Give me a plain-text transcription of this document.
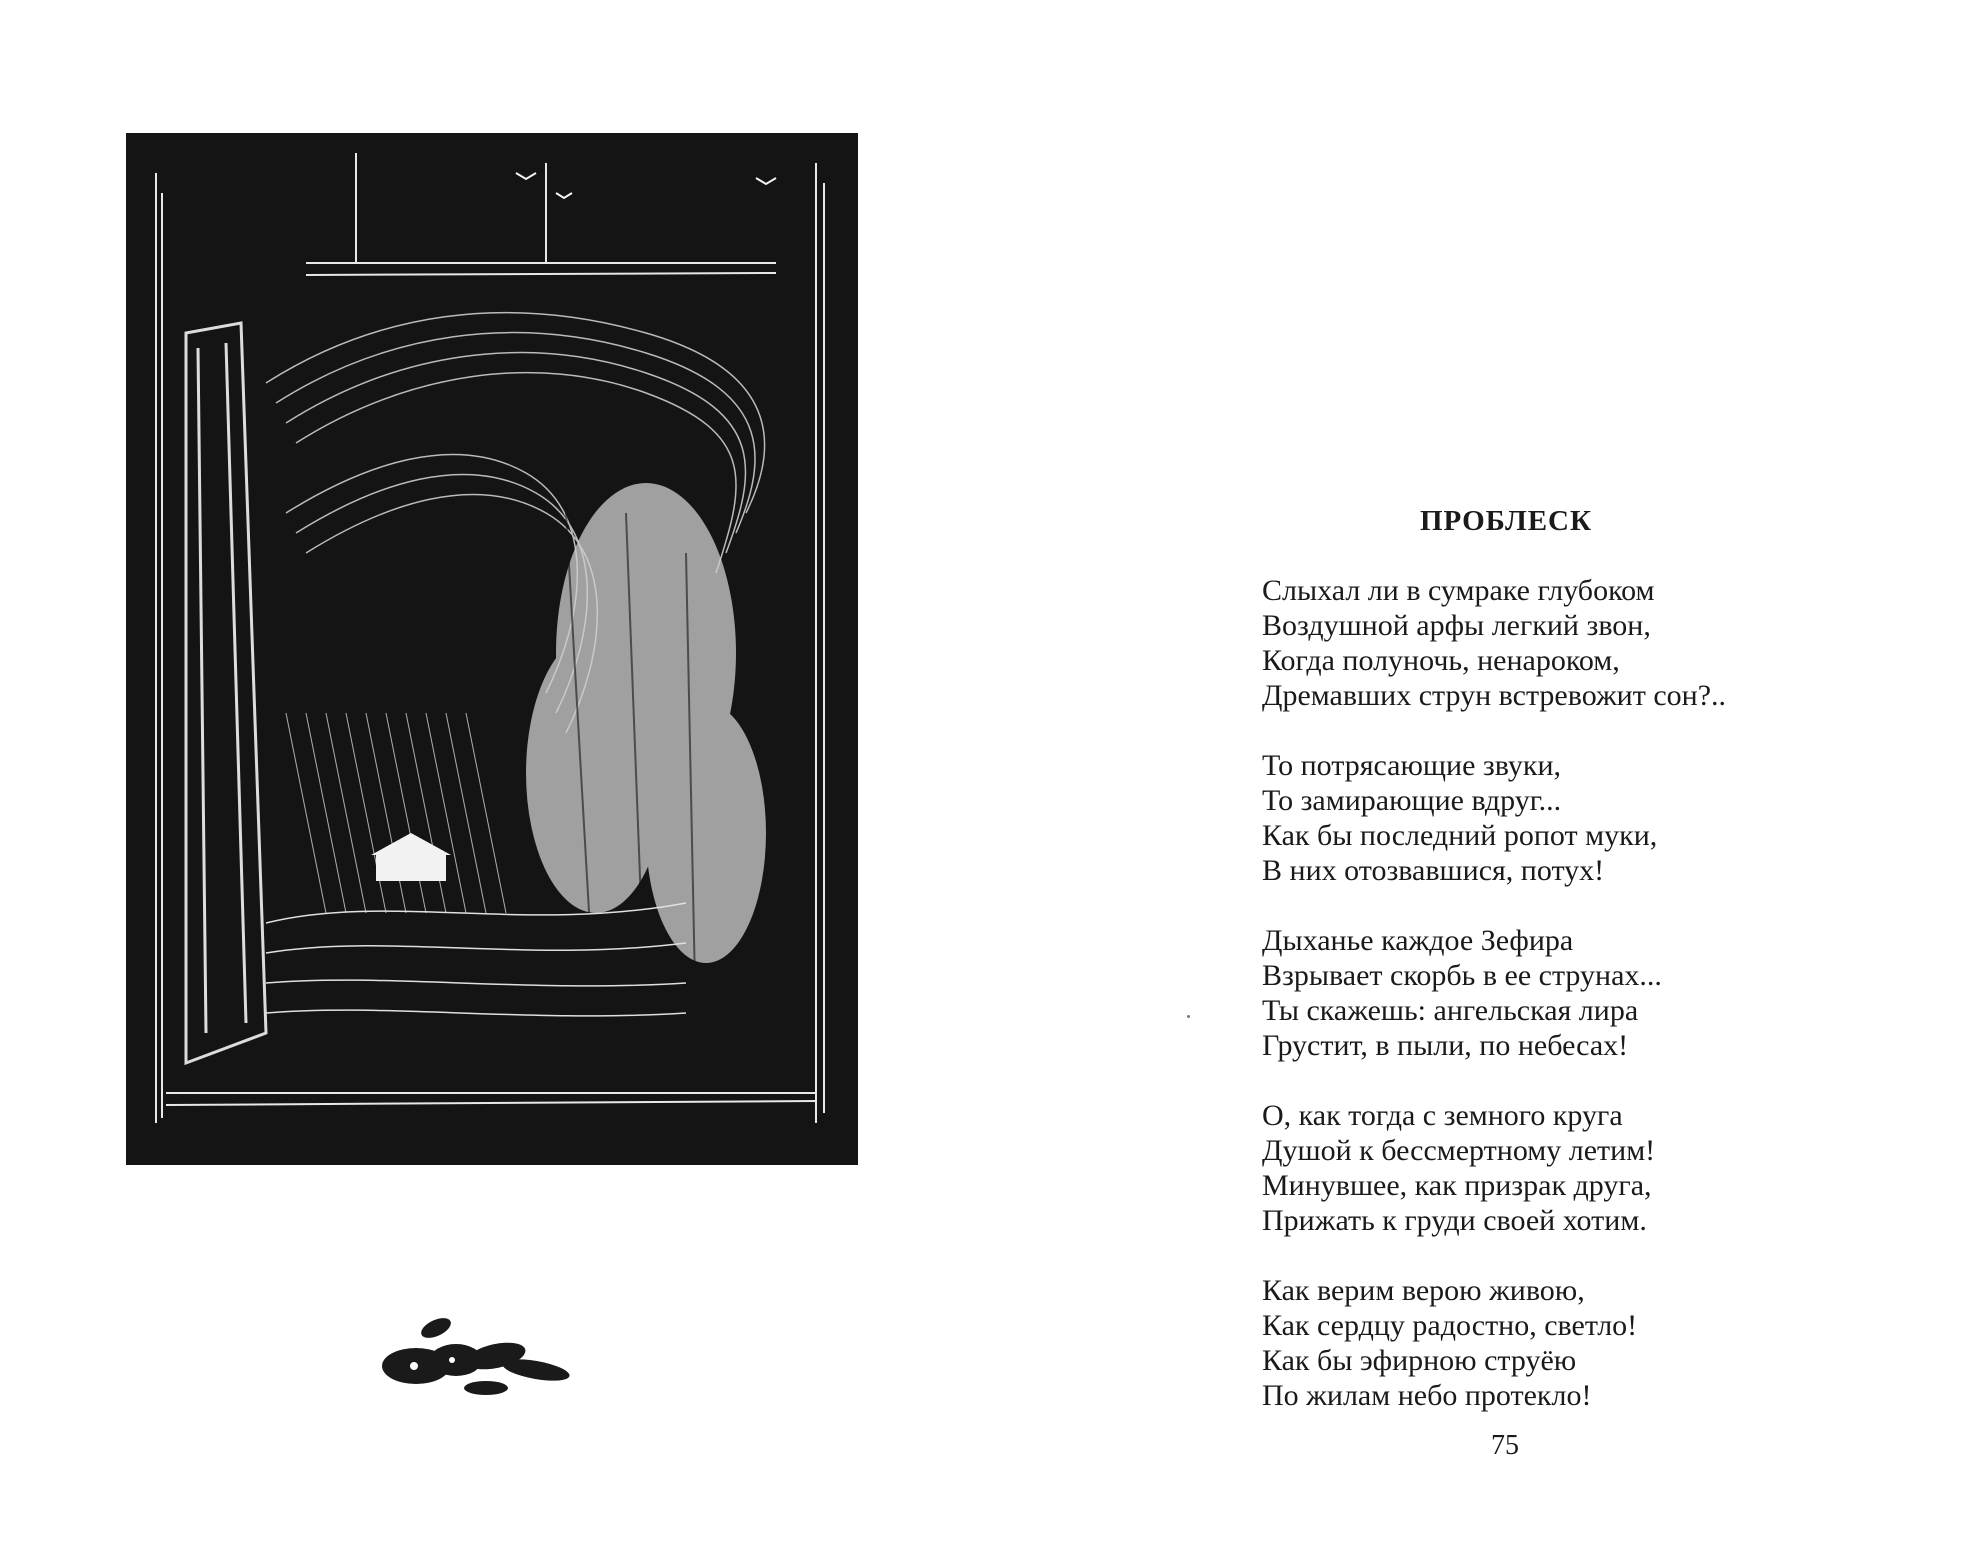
ПРОБЛЕСК
Слыхал ли в сумраке глубоком
Воздушной арфы легкий звон,
Когда полуночь, ненароком,
Дремавших струн встревожит сон?..
То потрясающие звуки,
То замирающие вдруг...
Как бы последний ропот муки,
В них отозвавшися, потух!
Дыханье каждое Зефира
Взрывает скорбь в ее струнах...
Ты скажешь: ангельская лира
Грустит, в пыли, по небесах!
О, как тогда с земного круга
Душой к бессмертному летим!
Минувшее, как призрак друга,
Прижать к груди своей хотим.
Как верим верою живою,
Как сердцу радостно, светло!
Как бы эфирною струёю
По жилам небо протекло!
75
